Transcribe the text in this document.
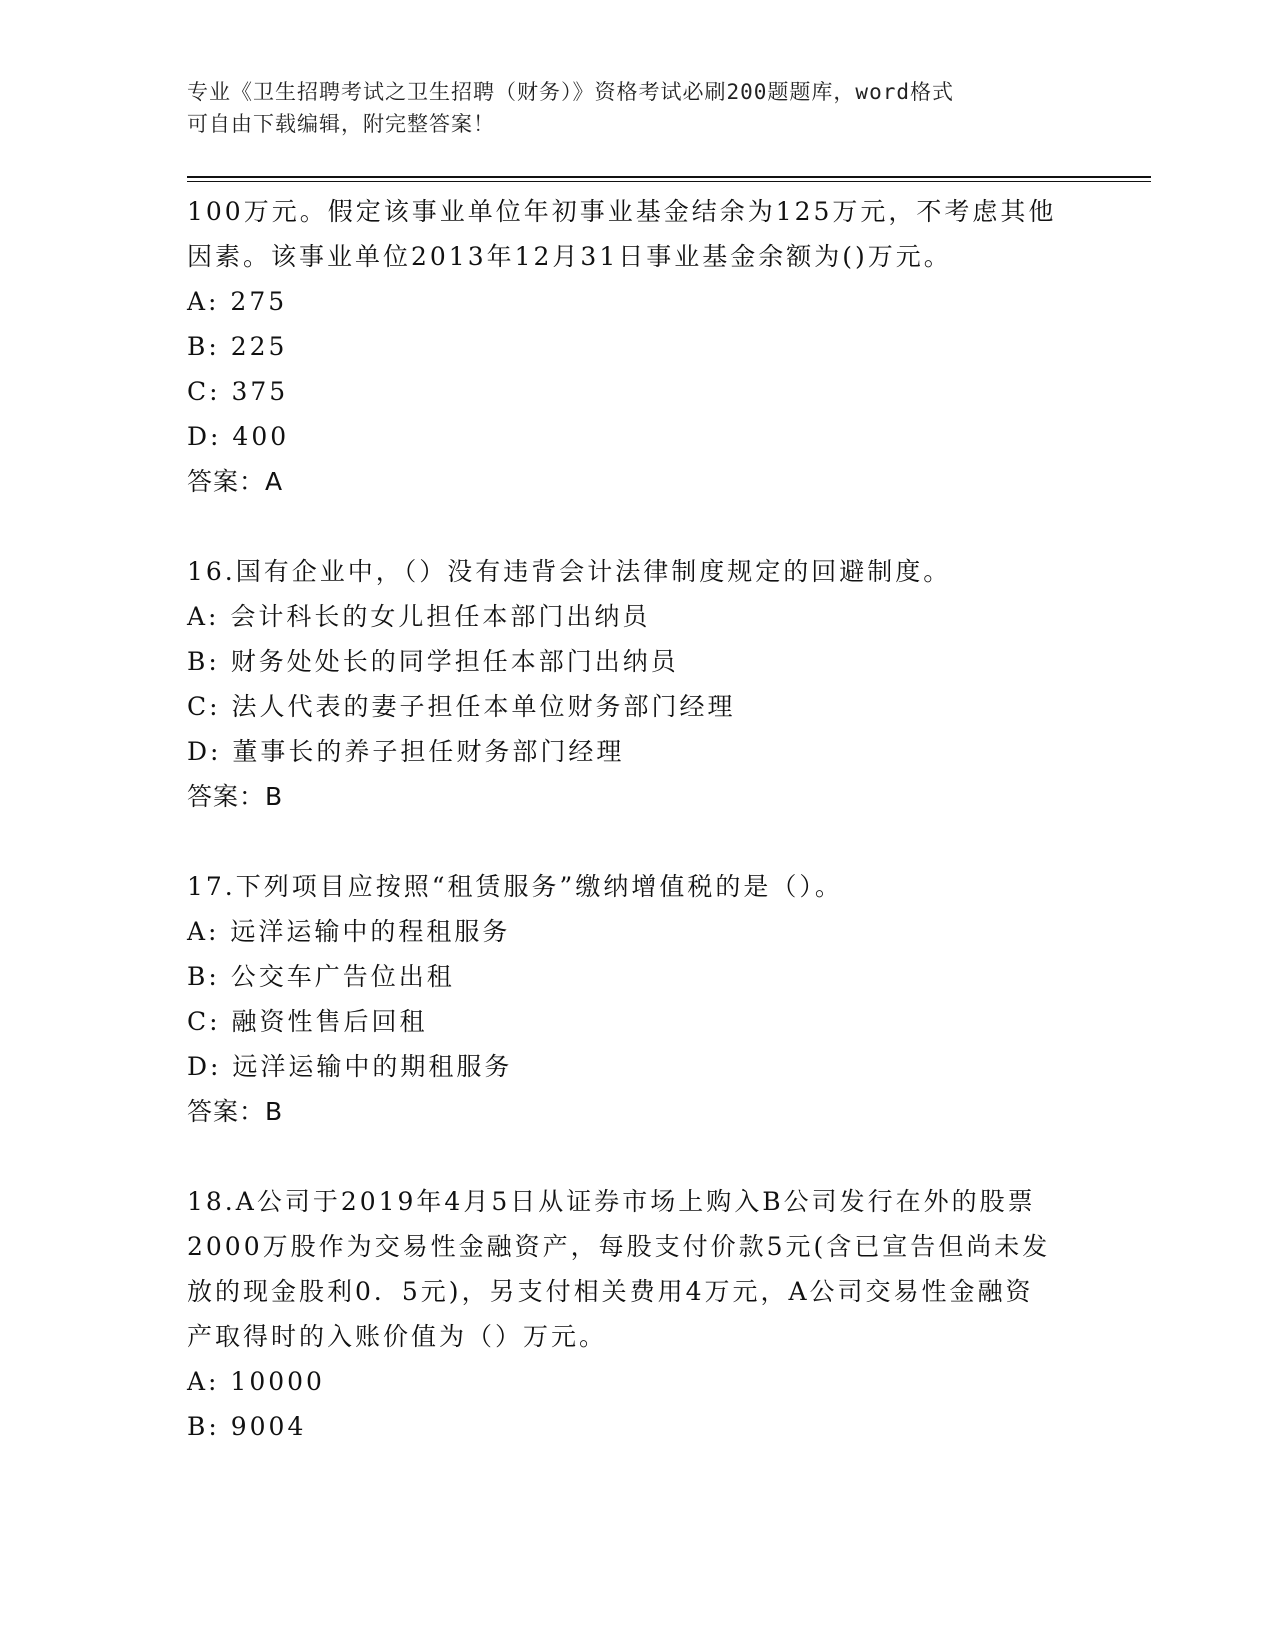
专业《卫生招聘考试之卫生招聘（财务）》资格考试必刷200题题库，word格式
可自由下载编辑，附完整答案！
100万元。假定该事业单位年初事业基金结余为125万元，不考虑其他
因素。该事业单位2013年12月31日事业基金余额为()万元。
A: 275
B: 225
C: 375
D: 400
答案：A
16.国有企业中，（）没有违背会计法律制度规定的回避制度。
A: 会计科长的女儿担任本部门出纳员
B: 财务处处长的同学担任本部门出纳员
C: 法人代表的妻子担任本单位财务部门经理
D: 董事长的养子担任财务部门经理
答案：B
17.下列项目应按照“租赁服务”缴纳增值税的是（）。
A: 远洋运输中的程租服务
B: 公交车广告位出租
C: 融资性售后回租
D: 远洋运输中的期租服务
答案：B
18.A公司于2019年4月5日从证券市场上购入B公司发行在外的股票
2000万股作为交易性金融资产，每股支付价款5元(含已宣告但尚未发
放的现金股利0．5元)，另支付相关费用4万元，A公司交易性金融资
产取得时的入账价值为（）万元。
A: 10000
B: 9004
